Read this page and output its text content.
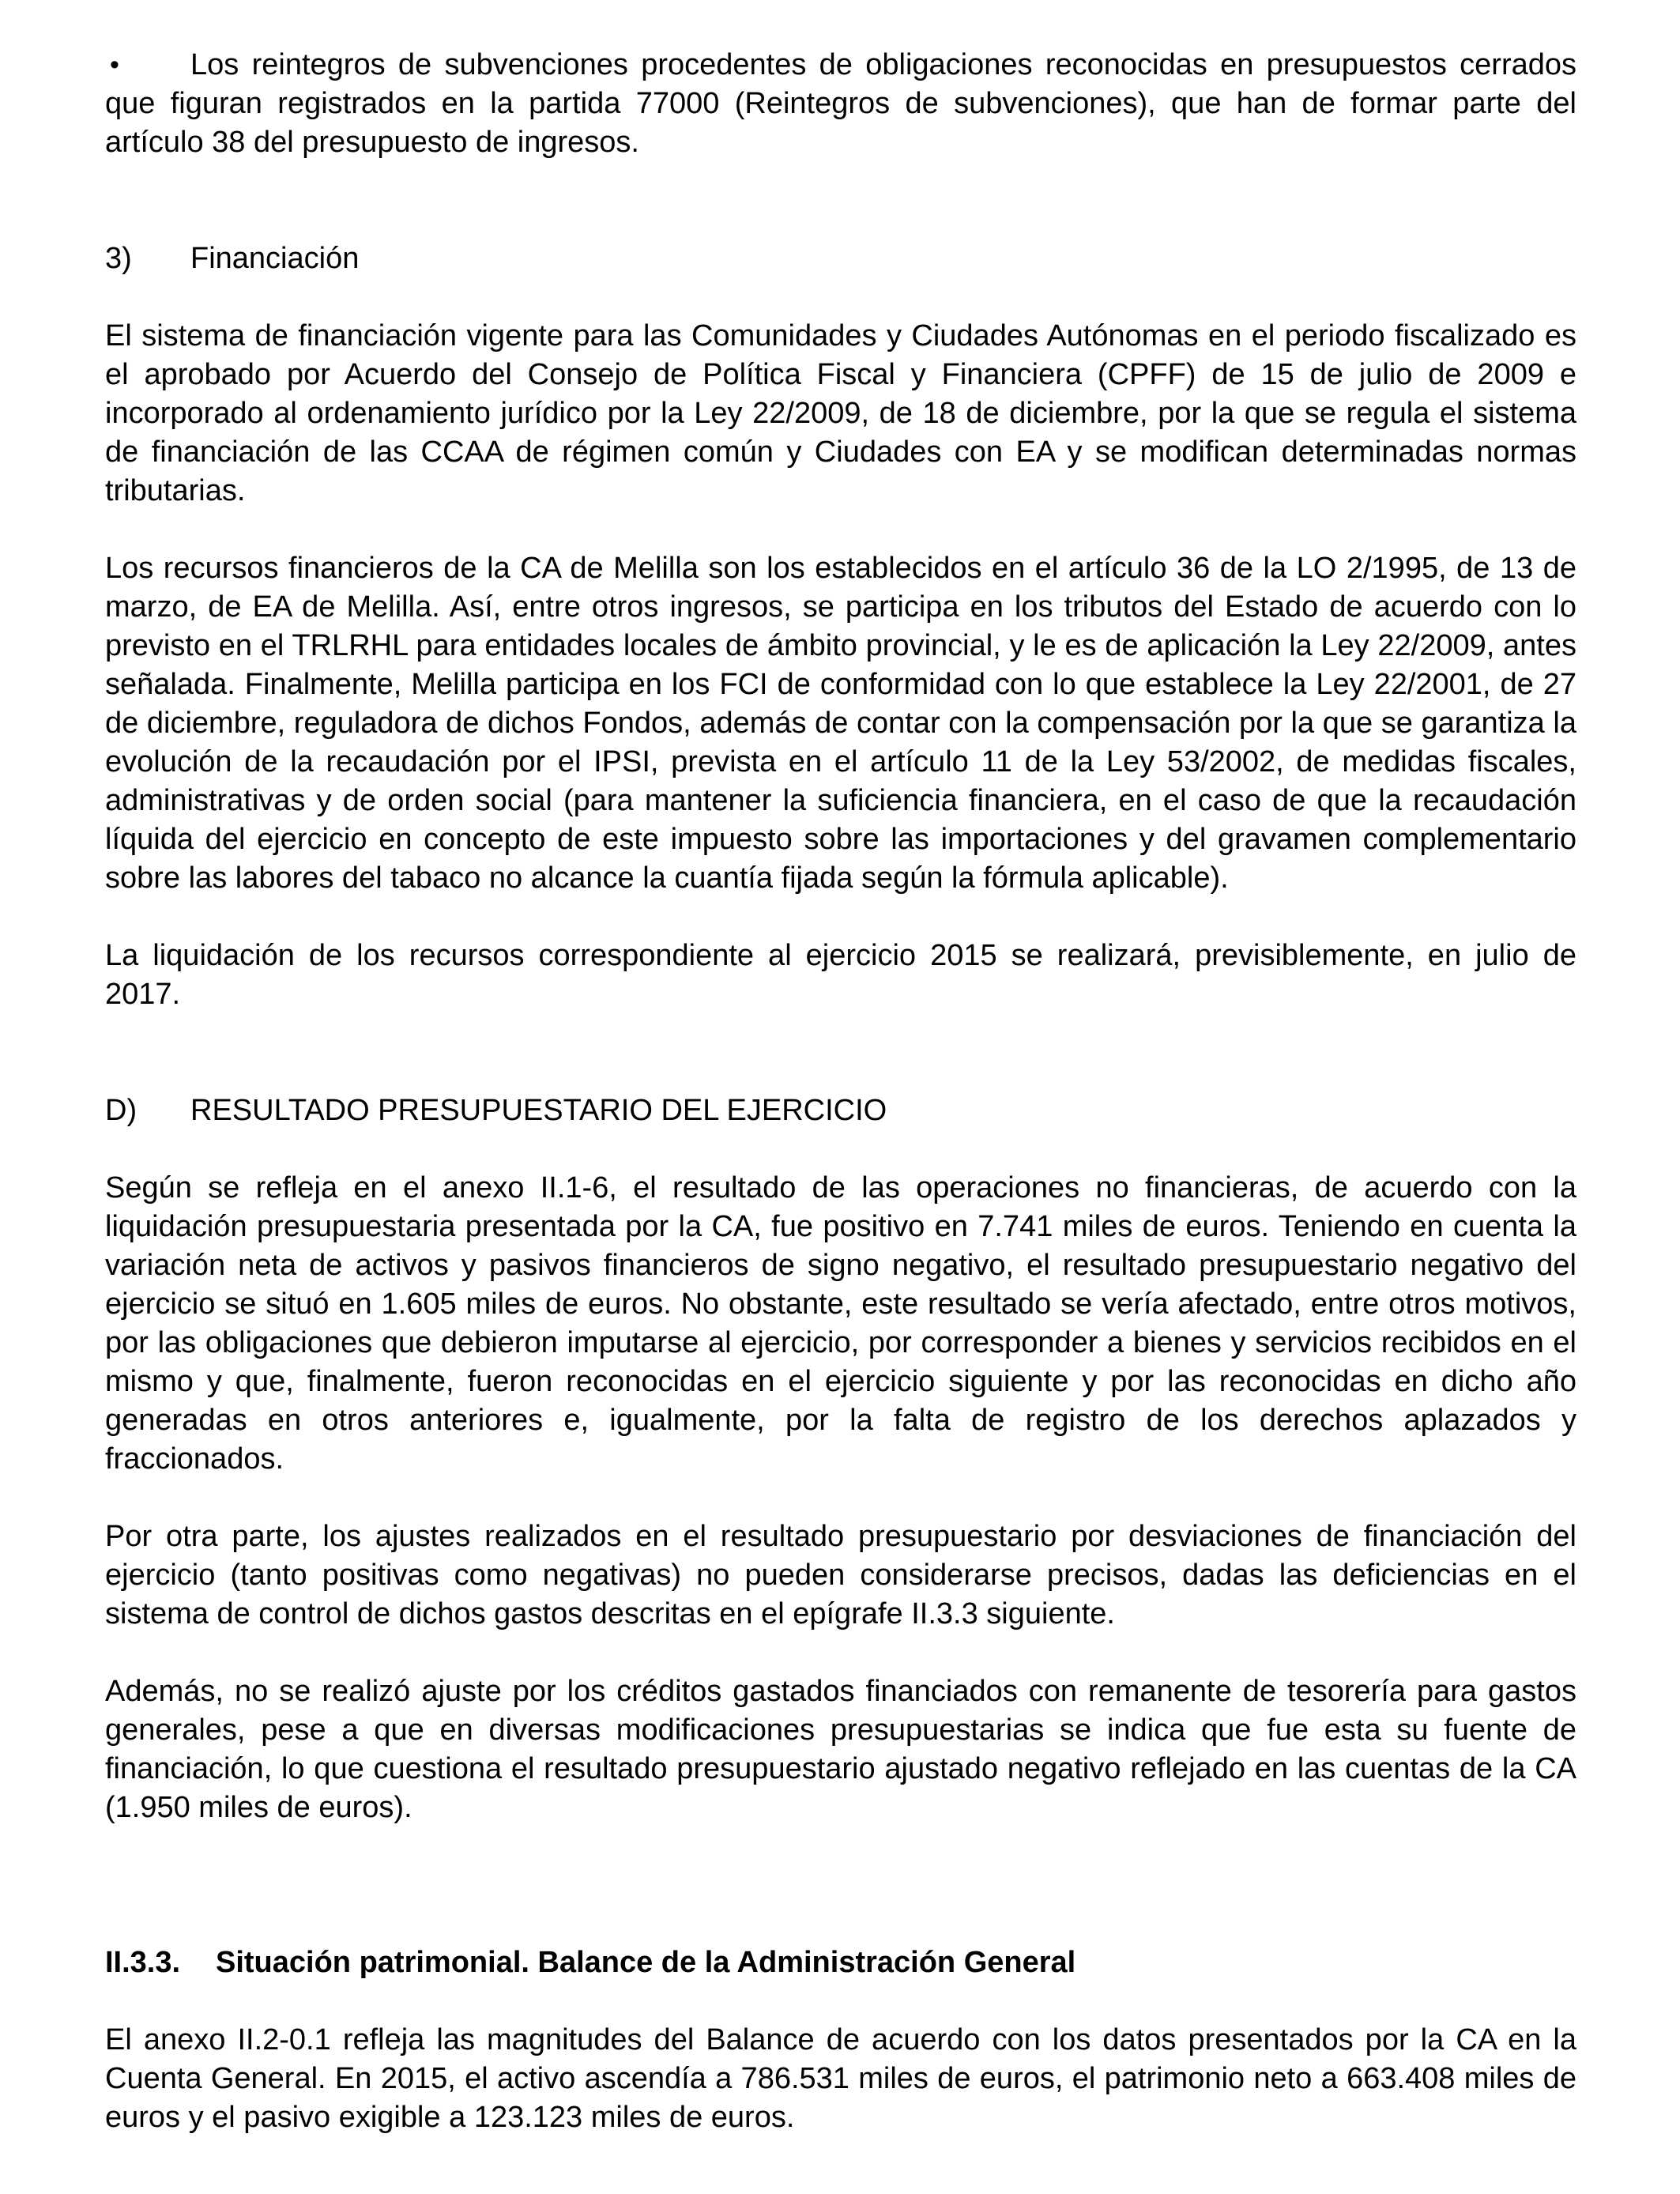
• Los reintegros de subvenciones procedentes de obligaciones reconocidas en presupuestos cerrados que figuran registrados en la partida 77000 (Reintegros de subvenciones), que han de formar parte del artículo 38 del presupuesto de ingresos.

3)	Financiación

El sistema de financiación vigente para las Comunidades y Ciudades Autónomas en el periodo fiscalizado es el aprobado por Acuerdo del Consejo de Política Fiscal y Financiera (CPFF) de 15 de julio de 2009 e incorporado al ordenamiento jurídico por la Ley 22/2009, de 18 de diciembre, por la que se regula el sistema de financiación de las CCAA de régimen común y Ciudades con EA y se modifican determinadas normas tributarias.

Los recursos financieros de la CA de Melilla son los establecidos en el artículo 36 de la LO 2/1995, de 13 de marzo, de EA de Melilla. Así, entre otros ingresos, se participa en los tributos del Estado de acuerdo con lo previsto en el TRLRHL para entidades locales de ámbito provincial, y le es de aplicación la Ley 22/2009, antes señalada. Finalmente, Melilla participa en los FCI de conformidad con lo que establece la Ley 22/2001, de 27 de diciembre, reguladora de dichos Fondos, además de contar con la compensación por la que se garantiza la evolución de la recaudación por el IPSI, prevista en el artículo 11 de la Ley 53/2002, de medidas fiscales, administrativas y de orden social (para mantener la suficiencia financiera, en el caso de que la recaudación líquida del ejercicio en concepto de este impuesto sobre las importaciones y del gravamen complementario sobre las labores del tabaco no alcance la cuantía fijada según la fórmula aplicable).

La liquidación de los recursos correspondiente al ejercicio 2015 se realizará, previsiblemente, en julio de 2017.

D)	RESULTADO PRESUPUESTARIO DEL EJERCICIO

Según se refleja en el anexo II.1-6, el resultado de las operaciones no financieras, de acuerdo con la liquidación presupuestaria presentada por la CA, fue positivo en 7.741 miles de euros. Teniendo en cuenta la variación neta de activos y pasivos financieros de signo negativo, el resultado presupuestario negativo del ejercicio se situó en 1.605 miles de euros. No obstante, este resultado se vería afectado, entre otros motivos, por las obligaciones que debieron imputarse al ejercicio, por corresponder a bienes y servicios recibidos en el mismo y que, finalmente, fueron reconocidas en el ejercicio siguiente y por las reconocidas en dicho año generadas en otros anteriores e, igualmente, por la falta de registro de los derechos aplazados y fraccionados.

Por otra parte, los ajustes realizados en el resultado presupuestario por desviaciones de financiación del ejercicio (tanto positivas como negativas) no pueden considerarse precisos, dadas las deficiencias en el sistema de control de dichos gastos descritas en el epígrafe II.3.3 siguiente.

Además, no se realizó ajuste por los créditos gastados financiados con remanente de tesorería para gastos generales, pese a que en diversas modificaciones presupuestarias se indica que fue esta su fuente de financiación, lo que cuestiona el resultado presupuestario ajustado negativo reflejado en las cuentas de la CA (1.950 miles de euros).

II.3.3.	Situación patrimonial. Balance de la Administración General

El anexo II.2-0.1 refleja las magnitudes del Balance de acuerdo con los datos presentados por la CA en la Cuenta General. En 2015, el activo ascendía a 786.531 miles de euros, el patrimonio neto a 663.408 miles de euros y el pasivo exigible a 123.123 miles de euros.
